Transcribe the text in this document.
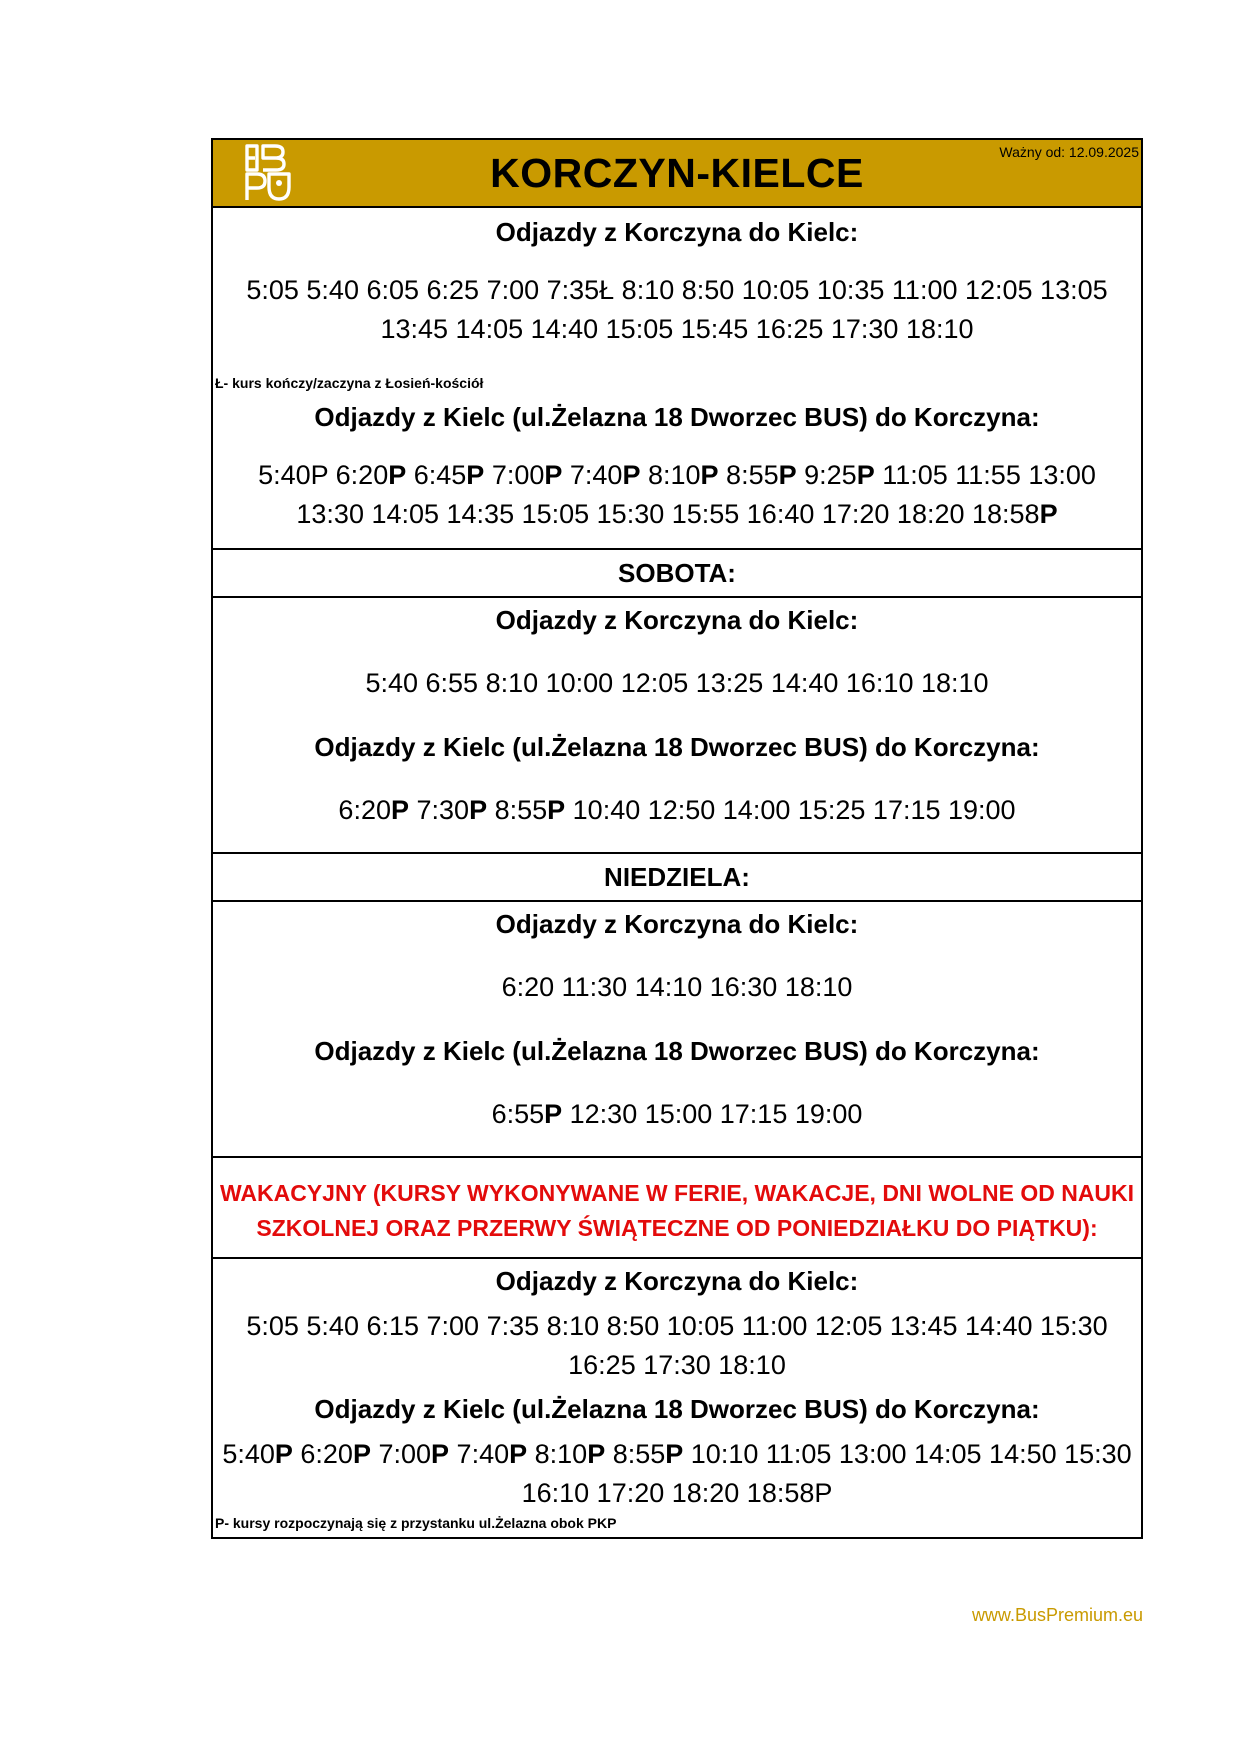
KORCZYN-KIELCE	Ważny od: 12.09.2025
Odjazdy z Korczyna do Kielc:
5:05 5:40 6:05 6:25 7:00 7:35Ł 8:10 8:50 10:05 10:35 11:00 12:05 13:05
13:45 14:05 14:40 15:05 15:45 16:25 17:30 18:10
Ł- kurs kończy/zaczyna z Łosień-kościół
Odjazdy z Kielc (ul.Żelazna 18 Dworzec BUS) do Korczyna:
5:40P 6:20P 6:45P 7:00P 7:40P 8:10P 8:55P 9:25P 11:05 11:55 13:00
13:30 14:05 14:35 15:05 15:30 15:55 16:40 17:20 18:20 18:58P
SOBOTA:
Odjazdy z Korczyna do Kielc:
5:40 6:55 8:10 10:00 12:05 13:25 14:40 16:10 18:10
Odjazdy z Kielc (ul.Żelazna 18 Dworzec BUS) do Korczyna:
6:20P 7:30P 8:55P 10:40 12:50 14:00 15:25 17:15 19:00
NIEDZIELA:
Odjazdy z Korczyna do Kielc:
6:20 11:30 14:10 16:30 18:10
Odjazdy z Kielc (ul.Żelazna 18 Dworzec BUS) do Korczyna:
6:55P 12:30 15:00 17:15 19:00
WAKACYJNY (KURSY WYKONYWANE W FERIE, WAKACJE, DNI WOLNE OD NAUKI
SZKOLNEJ ORAZ PRZERWY ŚWIĄTECZNE OD PONIEDZIAŁKU DO PIĄTKU):
Odjazdy z Korczyna do Kielc:
5:05 5:40 6:15 7:00 7:35 8:10 8:50 10:05 11:00 12:05 13:45 14:40 15:30
16:25 17:30 18:10
Odjazdy z Kielc (ul.Żelazna 18 Dworzec BUS) do Korczyna:
5:40P 6:20P 7:00P 7:40P 8:10P 8:55P 10:10 11:05 13:00 14:05 14:50 15:30
16:10 17:20 18:20 18:58P
P- kursy rozpoczynają się z przystanku ul.Żelazna obok PKP
www.BusPremium.eu
